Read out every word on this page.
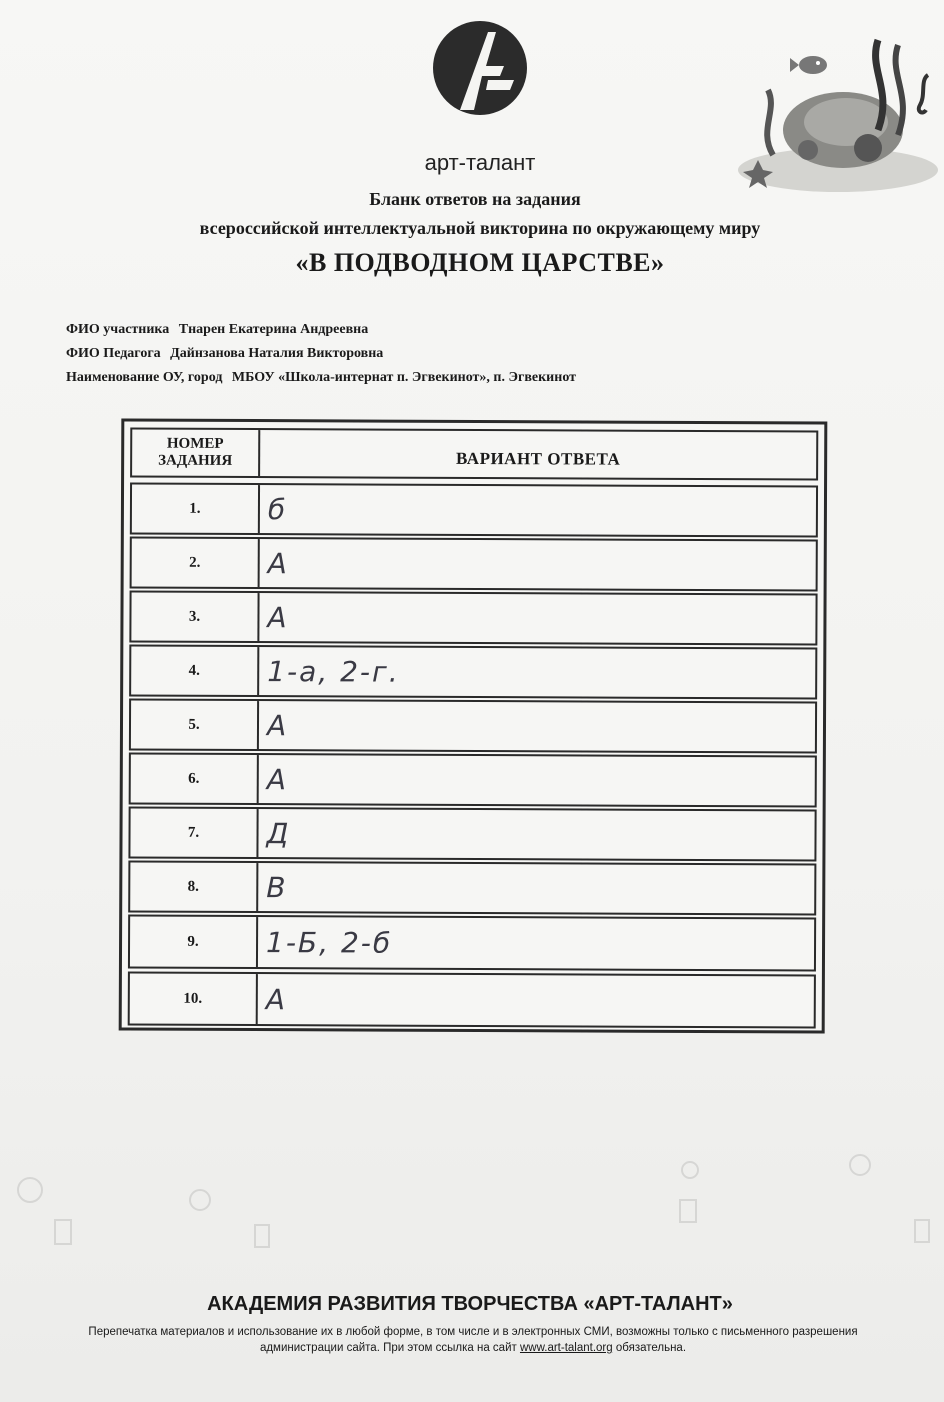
арт-талант
Бланк ответов на задания
всероссийской интеллектуальной викторина по окружающему миру
«В ПОДВОДНОМ ЦАРСТВЕ»
ФИО участника Тнарен Екатерина Андреевна
ФИО Педагога Дайнзанова Наталия Викторовна
Наименование ОУ, город МБОУ «Школа-интернат п. Эгвекинот», п. Эгвекинот
НОМЕР ЗАДАНИЯ	ВАРИАНТ ОТВЕТА
1.	б
2.	А
3.	А
4.	1-а, 2-г.
5.	А
6.	А
7.	Д
8.	В
9.	1-Б, 2-б
10.	А
АКАДЕМИЯ РАЗВИТИЯ ТВОРЧЕСТВА «АРТ-ТАЛАНТ»
Перепечатка материалов и использование их в любой форме, в том числе и в электронных СМИ, возможны только с письменного разрешения администрации сайта. При этом ссылка на сайт www.art-talant.org обязательна.
